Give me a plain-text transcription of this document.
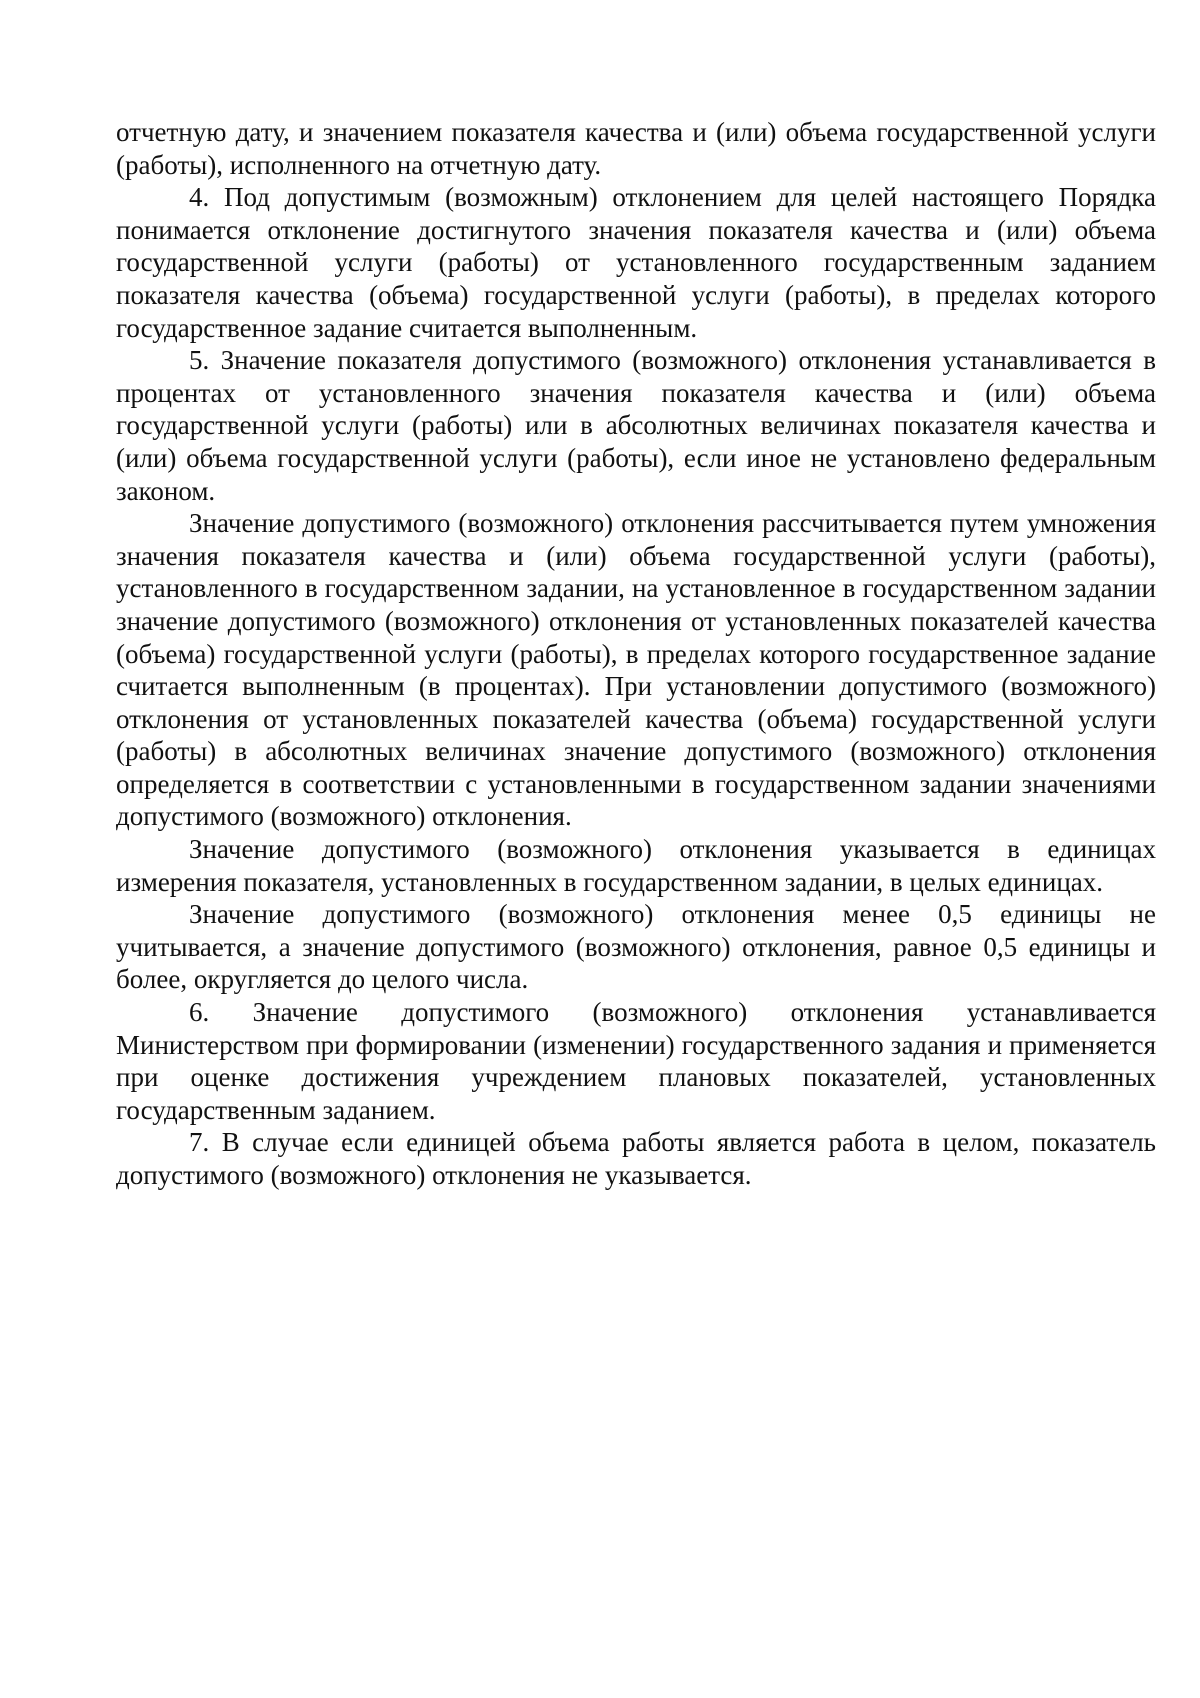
отчетную дату, и значением показателя качества и (или) объема государственной услуги (работы), исполненного на отчетную дату.

4. Под допустимым (возможным) отклонением для целей настоящего Порядка понимается отклонение достигнутого значения показателя качества и (или) объема государственной услуги (работы) от установленного государственным заданием показателя качества (объема) государственной услуги (работы), в пределах которого государственное задание считается выполненным.

5. Значение показателя допустимого (возможного) отклонения устанавливается в процентах от установленного значения показателя качества и (или) объема государственной услуги (работы) или в абсолютных величинах показателя качества и (или) объема государственной услуги (работы), если иное не установлено федеральным законом.

Значение допустимого (возможного) отклонения рассчитывается путем умножения значения показателя качества и (или) объема государственной услуги (работы), установленного в государственном задании, на установленное в государственном задании значение допустимого (возможного) отклонения от установленных показателей качества (объема) государственной услуги (работы), в пределах которого государственное задание считается выполненным (в процентах). При установлении допустимого (возможного) отклонения от установленных показателей качества (объема) государственной услуги (работы) в абсолютных величинах значение допустимого (возможного) отклонения определяется в соответствии с установленными в государственном задании значениями допустимого (возможного) отклонения.

Значение допустимого (возможного) отклонения указывается в единицах измерения показателя, установленных в государственном задании, в целых единицах.

Значение допустимого (возможного) отклонения менее 0,5 единицы не учитывается, а значение допустимого (возможного) отклонения, равное 0,5 единицы и более, округляется до целого числа.

6. Значение допустимого (возможного) отклонения устанавливается Министерством при формировании (изменении) государственного задания и применяется при оценке достижения учреждением плановых показателей, установленных государственным заданием.

7. В случае если единицей объема работы является работа в целом, показатель допустимого (возможного) отклонения не указывается.
